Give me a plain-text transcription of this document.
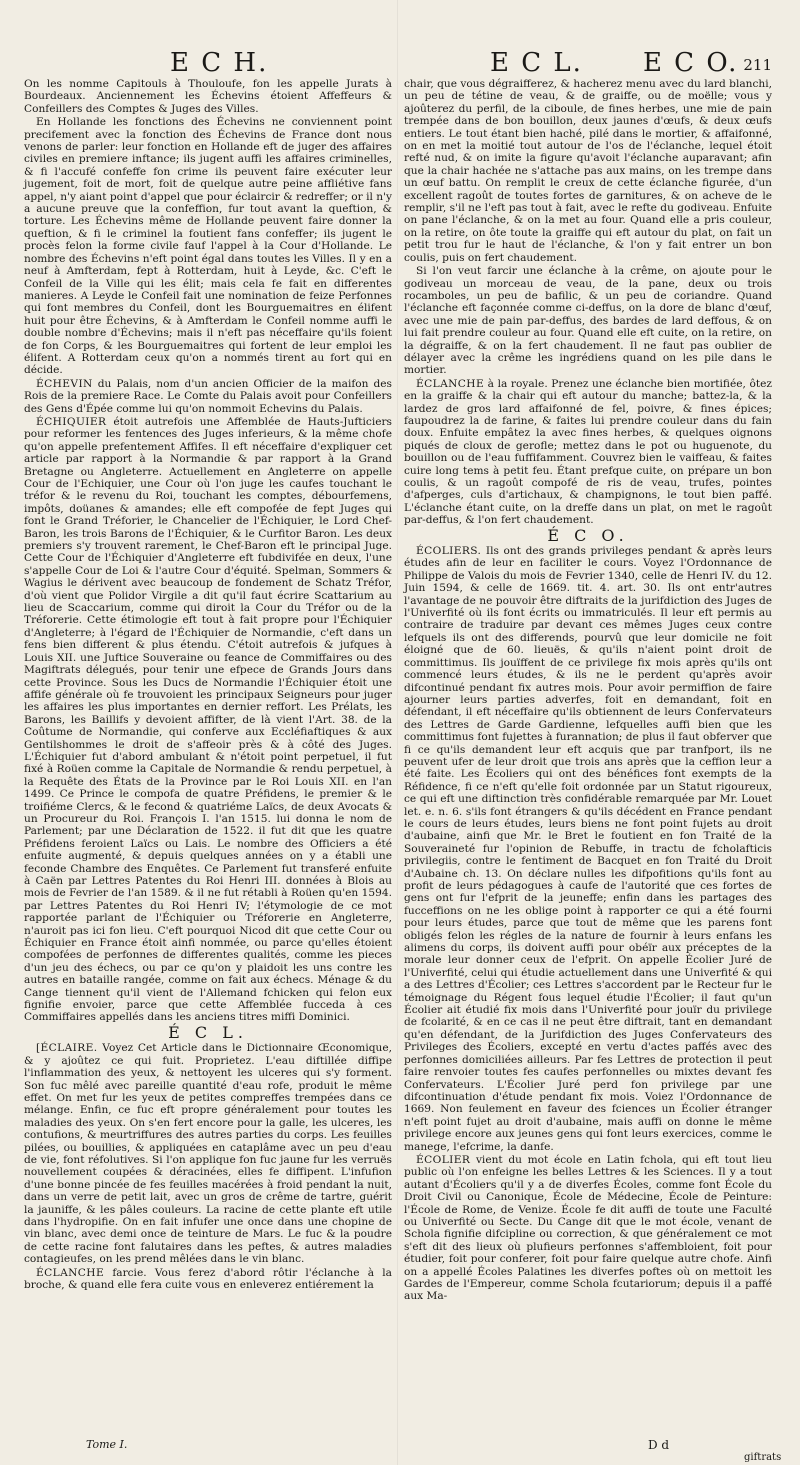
E C H.	E C L. E C O. 211

On les nomme Capitouls à Thouloufe, fon les appelle Jurats à Bourdeaux. Anciennement les Échevins étoient Affeffeurs & Confeillers des Comptes & Juges des Villes.

En Hollande les fonctions des Échevins ne conviennent point precifement avec la fonction des Échevins de France dont nous venons de parler: leur fonction en Hollande eft de juger des affaires civiles en premiere inftance; ils jugent auffi les affaires criminelles, & fi l'accufé confeffe fon crime ils peuvent faire exécuter leur jugement, foit de mort, foit de quelque autre peine affliétive fans appel, n'y aiant point d'appel que pour éclaircir & redreffer; or il n'y a aucune preuve que la confeffion, fur tout avant la queftion, & torture. Les Échevins même de Hollande peuvent faire donner la queftion, & fi le criminel la foutient fans confeffer; ils jugent le procès felon la forme civile fauf l'appel à la Cour d'Hollande. Le nombre des Échevins n'eft point égal dans toutes les Villes. Il y en a neuf à Amfterdam, fept à Rotterdam, huit à Leyde, &c. C'eft le Confeil de la Ville qui les élit; mais cela fe fait en differentes manieres. A Leyde le Confeil fait une nomination de feize Perfonnes qui font membres du Confeil, dont les Bourguemaitres en élifent huit pour être Échevins, & à Amfterdam le Confeil nomme auffi le double nombre d'Échevins; mais il n'eft pas néceffaire qu'ils foient de fon Corps, & les Bourguemaitres qui fortent de leur emploi les élifent. A Rotterdam ceux qu'on a nommés tirent au fort qui en décide.

ÉCHEVIN du Palais, nom d'un ancien Officier de la maifon des Rois de la premiere Race. Le Comte du Palais avoit pour Confeillers des Gens d'Épée comme lui qu'on nommoit Echevins du Palais.

ÉCHIQUIER étoit autrefois une Affemblée de Hauts-Jufticiers pour reformer les fentences des Juges inferieurs, & la même chofe qu'on appelle prefentement Affifes. Il eft néceffaire d'expliquer cet article par rapport à la Normandie & par rapport à la Grand Bretagne ou Angleterre. Actuellement en Angleterre on appelle Cour de l'Echiquier, une Cour où l'on juge les caufes touchant le tréfor & le revenu du Roi, touchant les comptes, débourfemens, impôts, doüanes & amandes; elle eft compofée de fept Juges qui font le Grand Tréforier, le Chancelier de l'Échiquier, le Lord Chef-Baron, les trois Barons de l'Échiquier, & le Curfitor Baron. Les deux premiers s'y trouvent rarement, le Chef-Baron eft le principal Juge. Cette Cour de l'Échiquier d'Angleterre eft fubdivifée en deux, l'une s'appelle Cour de Loi & l'autre Cour d'équité. Spelman, Sommers & Wagius le dérivent avec beaucoup de fondement de Schatz Tréfor, d'où vient que Polidor Virgile a dit qu'il faut écrire Scattarium au lieu de Scaccarium, comme qui diroit la Cour du Tréfor ou de la Tréforerie. Cette étimologie eft tout à fait propre pour l'Échiquier d'Angleterre; à l'égard de l'Échiquier de Normandie, c'eft dans un fens bien different & plus étendu. C'étoit autrefois & jufques à Louis XII. une Juftice Souveraine ou feance de Commiffaires ou des Magiftrats délegués, pour tenir une efpece de Grands Jours dans cette Province. Sous les Ducs de Normandie l'Échiquier étoit une affife générale où fe trouvoient les principaux Seigneurs pour juger les affaires les plus importantes en dernier reffort. Les Prélats, les Barons, les Baillifs y devoient affifter, de là vient l'Art. 38. de la Coûtume de Normandie, qui conferve aux Eccléfiaftiques & aux Gentilshommes le droit de s'affeoir près & à côté des Juges. L'Échiquier fut d'abord ambulant & n'étoit point perpetuel, il fut fixé à Roüen comme la Capitale de Normandie & rendu perpetuel, à la Requête des États de la Province par le Roi Louis XII. en l'an 1499. Ce Prince le compofa de quatre Préfidens, le premier & le troifiéme Clercs, & le fecond & quatriéme Laïcs, de deux Avocats & un Procureur du Roi. François I. l'an 1515. lui donna le nom de Parlement; par une Déclaration de 1522. il fut dit que les quatre Préfidens feroient Laïcs ou Lais. Le nombre des Officiers a été enfuite augmenté, & depuis quelques années on y a établi une feconde Chambre des Enquêtes. Ce Parlement fut transferé enfuite à Caën par Lettres Patentes du Roi Henri III. données à Blois au mois de Fevrier de l'an 1589. & il ne fut rétabli à Roüen qu'en 1594. par Lettres Patentes du Roi Henri IV; l'étymologie de ce mot rapportée parlant de l'Échiquier ou Tréforerie en Angleterre, n'auroit pas ici fon lieu. C'eft pourquoi Nicod dit que cette Cour ou Échiquier en France étoit ainfi nommée, ou parce qu'elles étoient compofées de perfonnes de differentes qualités, comme les pieces d'un jeu des échecs, ou par ce qu'on y plaidoit les uns contre les autres en bataille rangée, comme on fait aux échecs. Ménage & du Cange tiennent qu'il vient de l'Allemand fchicken qui felon eux fignifie envoier, parce que cette Affemblée fucceda à ces Commiffaires appellés dans les anciens titres miffi Dominici.

É C L.

[ÉCLAIRE. Voyez Cet Article dans le Dictionnaire Œconomique, & y ajoûtez ce qui fuit. Proprietez. L'eau diftillée diffipe l'inflammation des yeux, & nettoyent les ulceres qui s'y forment. Son fuc mêlé avec pareille quantité d'eau rofe, produit le même effet. On met fur les yeux de petites compreffes trempées dans ce mélange. Enfin, ce fuc eft propre généralement pour toutes les maladies des yeux. On s'en fert encore pour la galle, les ulceres, les contufions, & meurtriffures des autres parties du corps. Les feuilles pilées, ou bouillies, & appliquées en cataplâme avec un peu d'eau de vie, font réfolutives. Si l'on applique fon fuc jaune fur les verruës nouvellement coupées & déracinées, elles fe diffipent. L'infufion d'une bonne pincée de fes feuilles macérées à froid pendant la nuit, dans un verre de petit lait, avec un gros de crême de tartre, guérit la jauniffe, & les pâles couleurs. La racine de cette plante eft utile dans l'hydropifie. On en fait infufer une once dans une chopine de vin blanc, avec demi once de teinture de Mars. Le fuc & la poudre de cette racine font falutaires dans les peftes, & autres maladies contagieufes, on les prend mêlées dans le vin blanc.

ÉCLANCHE farcie. Vous ferez d'abord rôtir l'éclanche à la broche, & quand elle fera cuite vous en enleverez entiérement la

chair, que vous dégraifferez, & hacherez menu avec du lard blanchi, un peu de tétine de veau, & de graiffe, ou de moëlle; vous y ajoûterez du perfil, de la ciboule, de fines herbes, une mie de pain trempée dans de bon bouillon, deux jaunes d'œufs, & deux œufs entiers. Le tout étant bien haché, pilé dans le mortier, & affaifonné, on en met la moitié tout autour de l'os de l'éclanche, lequel étoit refté nud, & on imite la figure qu'avoit l'éclanche auparavant; afin que la chair hachée ne s'attache pas aux mains, on les trempe dans un œuf battu. On remplit le creux de cette éclanche figurée, d'un excellent ragoût de toutes fortes de garnitures, & on acheve de le remplir, s'il ne l'eft pas tout à fait, avec le refte du godiveau. Enfuite on pane l'éclanche, & on la met au four. Quand elle a pris couleur, on la retire, on ôte toute la graiffe qui eft autour du plat, on fait un petit trou fur le haut de l'éclanche, & l'on y fait entrer un bon coulis, puis on fert chaudement.

Si l'on veut farcir une éclanche à la crême, on ajoute pour le godiveau un morceau de veau, de la pane, deux ou trois rocamboles, un peu de bafilic, & un peu de coriandre. Quand l'éclanche eft façonnée comme ci-deffus, on la dore de blanc d'œuf, avec une mie de pain par-deffus, des bardes de lard deffous, & on lui fait prendre couleur au four. Quand elle eft cuite, on la retire, on la dégraiffe, & on la fert chaudement. Il ne faut pas oublier de délayer avec la crême les ingrédiens quand on les pile dans le mortier.

ÉCLANCHE à la royale. Prenez une éclanche bien mortifiée, ôtez en la graiffe & la chair qui eft autour du manche; battez-la, & la lardez de gros lard affaifonné de fel, poivre, & fines épices; faupoudrez la de farine, & faites lui prendre couleur dans du fain doux. Enfuite empâtez la avec fines herbes, & quelques oignons piqués de cloux de gerofle; mettez dans le pot ou huguenote, du bouillon ou de l'eau fuffifamment. Couvrez bien le vaiffeau, & faites cuire long tems à petit feu. Étant prefque cuite, on prépare un bon coulis, & un ragoût compofé de ris de veau, trufes, pointes d'afperges, culs d'artichaux, & champignons, le tout bien paffé. L'éclanche étant cuite, on la dreffe dans un plat, on met le ragoût par-deffus, & l'on fert chaudement.

É C O.

ÉCOLIERS. Ils ont des grands privileges pendant & après leurs études afin de leur en faciliter le cours. Voyez l'Ordonnance de Philippe de Valois du mois de Fevrier 1340, celle de Henri IV. du 12. Juin 1594, & celle de 1669. tit. 4. art. 30. Ils ont entr'autres l'avantage de ne pouvoir être diftraits de la jurifdiction des Juges de l'Univerfité où ils font écrits ou immatriculés. Il leur eft permis au contraire de traduire par devant ces mêmes Juges ceux contre lefquels ils ont des differends, pourvû que leur domicile ne foit éloigné que de 60. lieuës, & qu'ils n'aient point droit de committimus. Ils jouïffent de ce privilege fix mois après qu'ils ont commencé leurs études, & ils ne le perdent qu'après avoir difcontinué pendant fix autres mois. Pour avoir permiffion de faire ajourner leurs parties adverfes, foit en demandant, foit en défendant, il eft néceffaire qu'ils obtiennent de leurs Confervateurs des Lettres de Garde Gardienne, lefquelles auffi bien que les committimus font fujettes à furannation; de plus il faut obferver que fi ce qu'ils demandent leur eft acquis que par tranfport, ils ne peuvent ufer de leur droit que trois ans après que la ceffion leur a été faite. Les Écoliers qui ont des bénéfices font exempts de la Réfidence, fi ce n'eft qu'elle foit ordonnée par un Statut rigoureux, ce qui eft une diftinction très confidérable remarquée par Mr. Louet let. e. n. 6. s'ils font étrangers & qu'ils décédent en France pendant le cours de leurs études, leurs biens ne font point fujets au droit d'aubaine, ainfi que Mr. le Bret le foutient en fon Traité de la Souveraineté fur l'opinion de Rebuffe, in tractu de fcholafticis privilegiis, contre le fentiment de Bacquet en fon Traité du Droit d'Aubaine ch. 13. On déclare nulles les difpofitions qu'ils font au profit de leurs pédagogues à caufe de l'autorité que ces fortes de gens ont fur l'efprit de la jeuneffe; enfin dans les partages des fucceffions on ne les oblige point à rapporter ce qui a été fourni pour leurs études, parce que tout de même que les parens font obligés felon les régles de la nature de fournir à leurs enfans les alimens du corps, ils doivent auffi pour obéïr aux préceptes de la morale leur donner ceux de l'efprit. On appelle Écolier Juré de l'Univerfité, celui qui étudie actuellement dans une Univerfité & qui a des Lettres d'Écolier; ces Lettres s'accordent par le Recteur fur le témoignage du Régent fous lequel étudie l'Écolier; il faut qu'un Écolier ait étudié fix mois dans l'Univerfité pour jouïr du privilege de fcolarité, & en ce cas il ne peut être diftrait, tant en demandant qu'en défendant, de la Jurifdiction des Juges Confervateurs des Privileges des Écoliers, excepté en vertu d'actes paffés avec des perfonnes domiciliées ailleurs. Par fes Lettres de protection il peut faire renvoier toutes fes caufes perfonnelles ou mixtes devant fes Confervateurs. L'Écolier Juré perd fon privilege par une difcontinuation d'étude pendant fix mois. Voiez l'Ordonnance de 1669. Non feulement en faveur des fciences un Écolier étranger n'eft point fujet au droit d'aubaine, mais auffi on donne le même privilege encore aux jeunes gens qui font leurs exercices, comme le manege, l'efcrime, la danfe.

ÉCOLIER vient du mot école en Latin fchola, qui eft tout lieu public où l'on enfeigne les belles Lettres & les Sciences. Il y a tout autant d'Écoliers qu'il y a de diverfes Écoles, comme font École du Droit Civil ou Canonique, École de Médecine, École de Peinture: l'École de Rome, de Venize. École fe dit auffi de toute une Faculté ou Univerfité ou Secte. Du Cange dit que le mot école, venant de Schola fignifie difcipline ou correction, & que généralement ce mot s'eft dit des lieux où plufieurs perfonnes s'affembloient, foit pour étudier, foit pour conferer, foit pour faire quelque autre chofe. Ainfi on a appellé Écoles Palatines les diverfes poftes où on mettoit les Gardes de l'Empereur, comme Schola fcutariorum; depuis il a paffé aux Ma-

Tome I.	D d
giftrats
